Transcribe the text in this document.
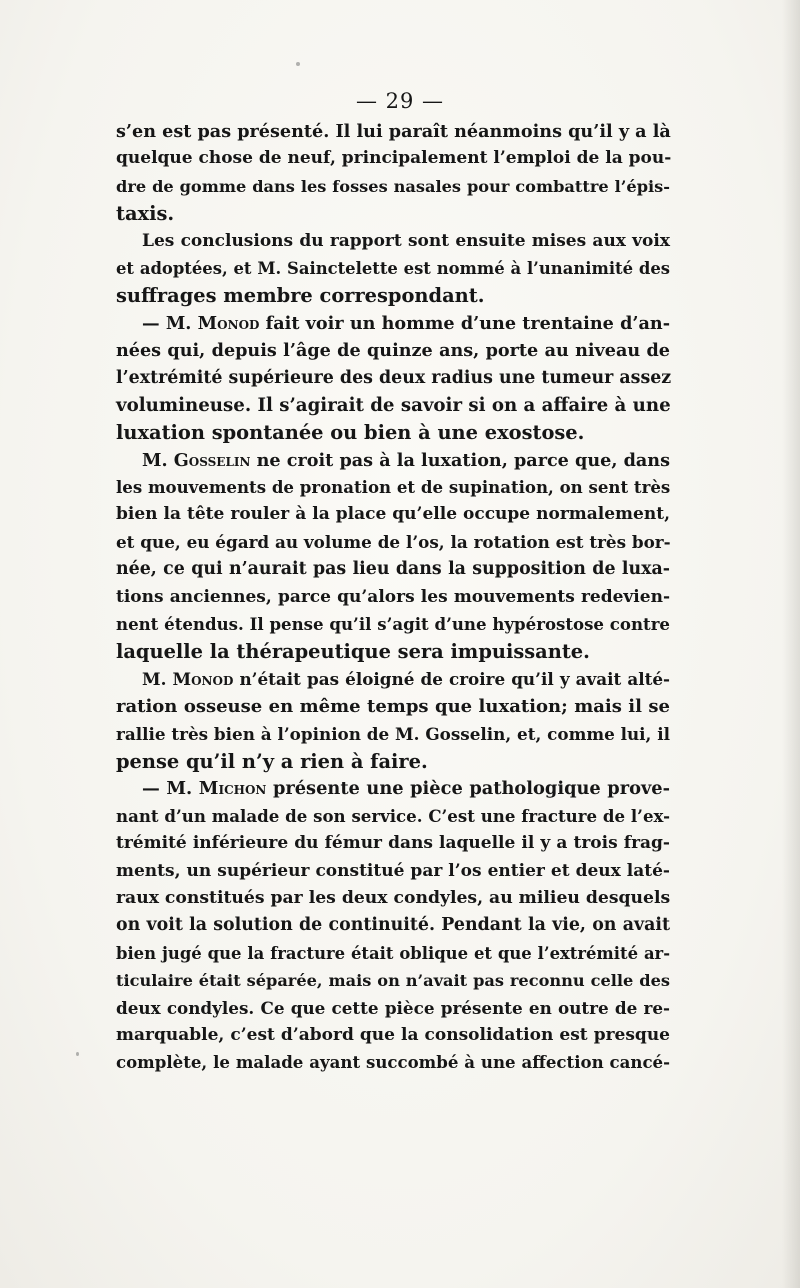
— 29 —
s’en est pas présenté. Il lui paraît néanmoins qu’il y a là
quelque chose de neuf, principalement l’emploi de la pou-
dre de gomme dans les fosses nasales pour combattre l’épis-
taxis.
Les conclusions du rapport sont ensuite mises aux voix
et adoptées, et M. Sainctelette est nommé à l’unanimité des
suffrages membre correspondant.
— M. Monod fait voir un homme d’une trentaine d’an-
nées qui, depuis l’âge de quinze ans, porte au niveau de
l’extrémité supérieure des deux radius une tumeur assez
volumineuse. Il s’agirait de savoir si on a affaire à une
luxation spontanée ou bien à une exostose.
M. Gosselin ne croit pas à la luxation, parce que, dans
les mouvements de pronation et de supination, on sent très
bien la tête rouler à la place qu’elle occupe normalement,
et que, eu égard au volume de l’os, la rotation est très bor-
née, ce qui n’aurait pas lieu dans la supposition de luxa-
tions anciennes, parce qu’alors les mouvements redevien-
nent étendus. Il pense qu’il s’agit d’une hypérostose contre
laquelle la thérapeutique sera impuissante.
M. Monod n’était pas éloigné de croire qu’il y avait alté-
ration osseuse en même temps que luxation; mais il se
rallie très bien à l’opinion de M. Gosselin, et, comme lui, il
pense qu’il n’y a rien à faire.
— M. Michon présente une pièce pathologique prove-
nant d’un malade de son service. C’est une fracture de l’ex-
trémité inférieure du fémur dans laquelle il y a trois frag-
ments, un supérieur constitué par l’os entier et deux laté-
raux constitués par les deux condyles, au milieu desquels
on voit la solution de continuité. Pendant la vie, on avait
bien jugé que la fracture était oblique et que l’extrémité ar-
ticulaire était séparée, mais on n’avait pas reconnu celle des
deux condyles. Ce que cette pièce présente en outre de re-
marquable, c’est d’abord que la consolidation est presque
complète, le malade ayant succombé à une affection cancé-
